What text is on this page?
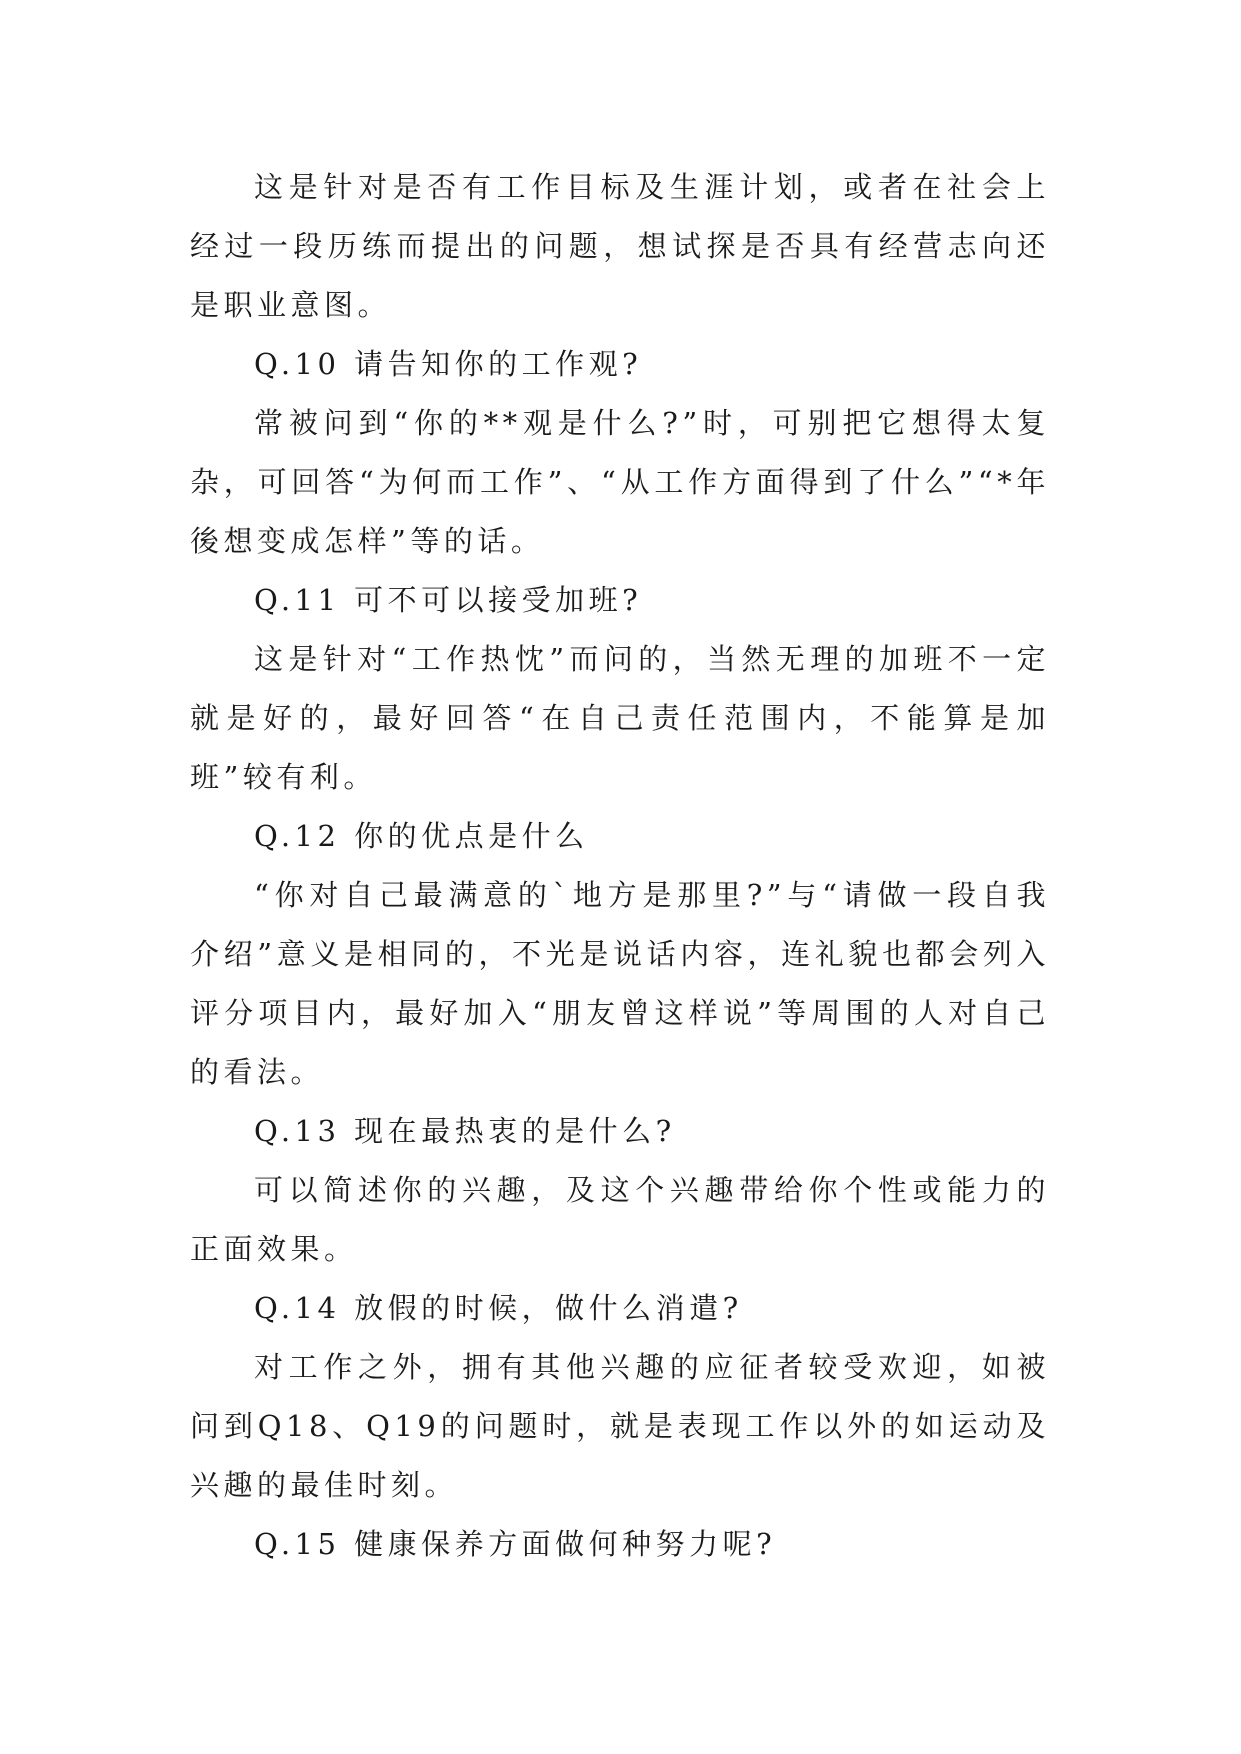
这是针对是否有工作目标及生涯计划，或者在社会上经过一段历练而提出的问题，想试探是否具有经营志向还是职业意图。

Q.10 请告知你的工作观?

常被问到“你的**观是什么?”时，可别把它想得太复杂，可回答“为何而工作”、“从工作方面得到了什么”“*年後想变成怎样”等的话。

Q.11 可不可以接受加班?

这是针对“工作热忱”而问的，当然无理的加班不一定就是好的，最好回答“在自己责任范围内，不能算是加班”较有利。

Q.12 你的优点是什么

“你对自己最满意的`地方是那里?”与“请做一段自我介绍”意义是相同的，不光是说话内容，连礼貌也都会列入评分项目内，最好加入“朋友曾这样说”等周围的人对自己的看法。

Q.13 现在最热衷的是什么?

可以简述你的兴趣，及这个兴趣带给你个性或能力的正面效果。

Q.14 放假的时候，做什么消遣?

对工作之外，拥有其他兴趣的应征者较受欢迎，如被问到Q18、Q19的问题时，就是表现工作以外的如运动及兴趣的最佳时刻。

Q.15 健康保养方面做何种努力呢?
